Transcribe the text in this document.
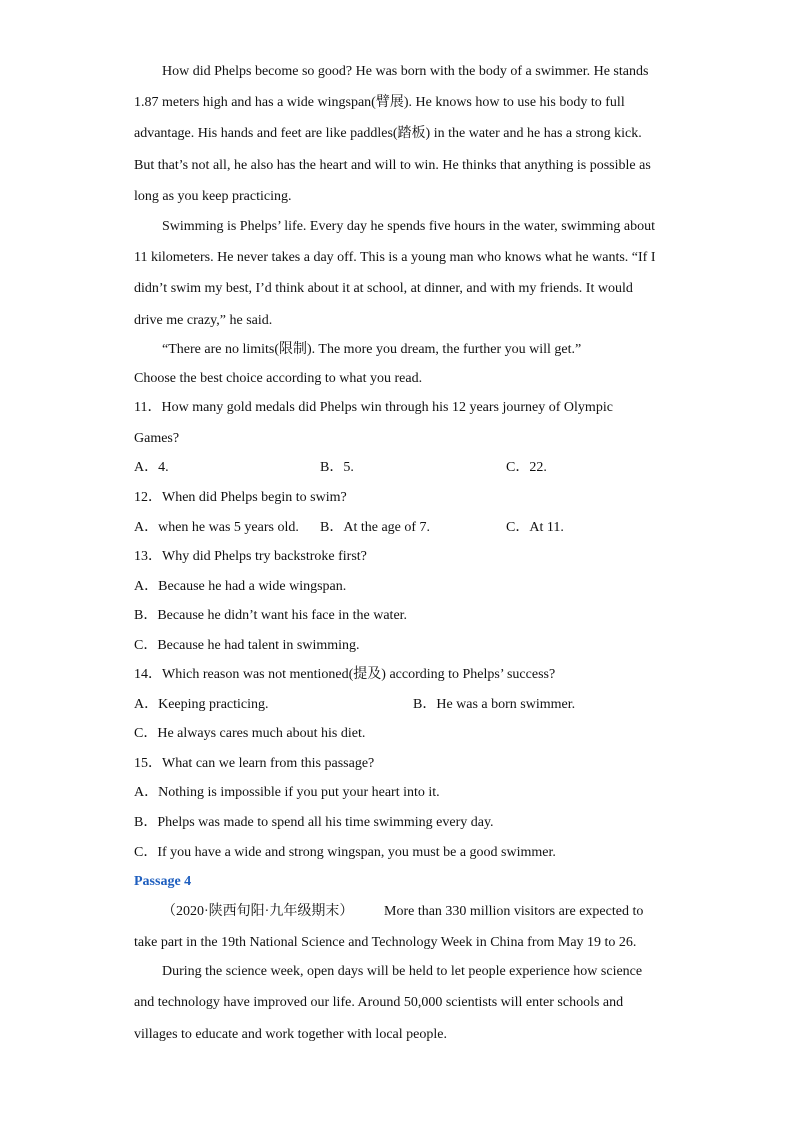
How did Phelps become so good? He was born with the body of a swimmer. He stands
1.87 meters high and has a wide wingspan(臂展). He knows how to use his body to full
advantage. His hands and feet are like paddles(踏板) in the water and he has a strong kick.
But that’s not all, he also has the heart and will to win. He thinks that anything is possible as
long as you keep practicing.
Swimming is Phelps’ life. Every day he spends five hours in the water, swimming about
11 kilometers. He never takes a day off. This is a young man who knows what he wants. “If I
didn’t swim my best, I’d think about it at school, at dinner, and with my friends. It would
drive me crazy,” he said.
“There are no limits(限制). The more you dream, the further you will get.”
Choose the best choice according to what you read.
11．How many gold medals did Phelps win through his 12 years journey of Olympic
Games?
A．4.	B．5.	C．22.
12．When did Phelps begin to swim?
A．when he was 5 years old. B．At the age of 7.	C．At 11.
13．Why did Phelps try backstroke first?
A．Because he had a wide wingspan.
B．Because he didn’t want his face in the water.
C．Because he had talent in swimming.
14．Which reason was not mentioned(提及) according to Phelps’ success?
A．Keeping practicing.	B．He was a born swimmer.
C．He always cares much about his diet.
15．What can we learn from this passage?
A．Nothing is impossible if you put your heart into it.
B．Phelps was made to spend all his time swimming every day.
C．If you have a wide and strong wingspan, you must be a good swimmer.
Passage 4
（2020·陕西旬阳·九年级期末） More than 330 million visitors are expected to
take part in the 19th National Science and Technology Week in China from May 19 to 26.
During the science week, open days will be held to let people experience how science
and technology have improved our life. Around 50,000 scientists will enter schools and
villages to educate and work together with local people.
